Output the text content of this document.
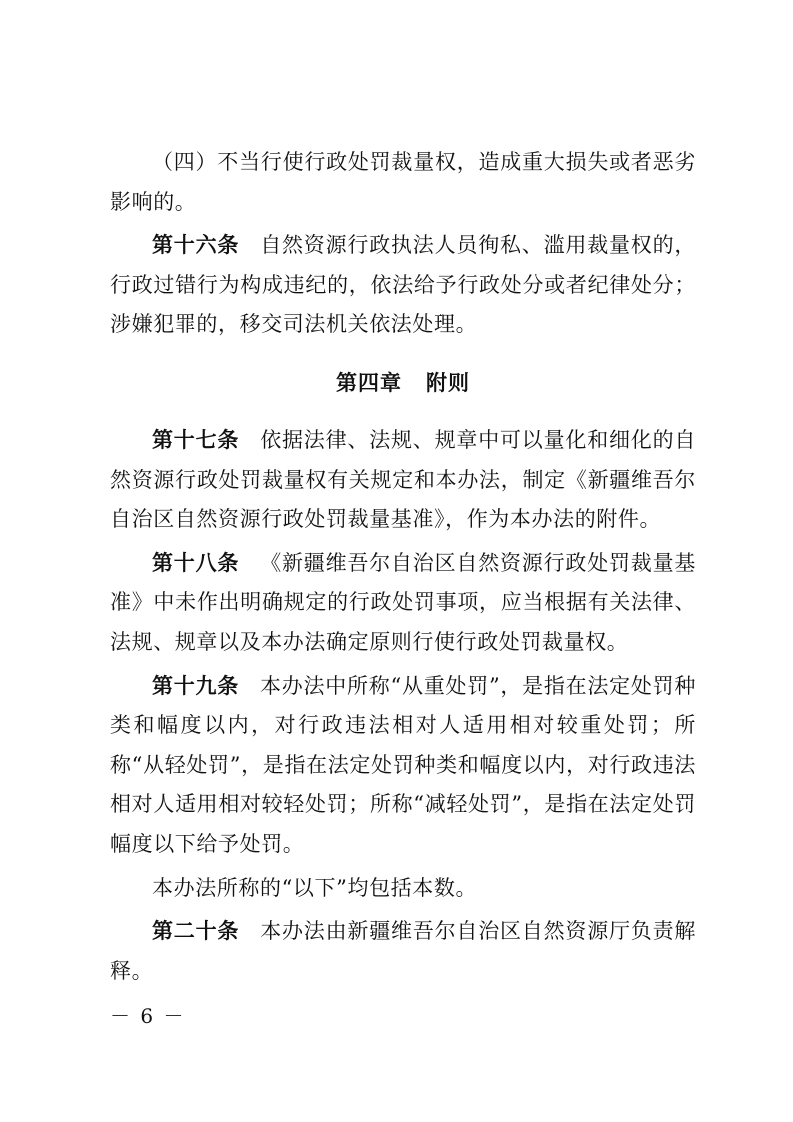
（四）不当行使行政处罚裁量权，造成重大损失或者恶劣影响的。

第十六条 自然资源行政执法人员徇私、滥用裁量权的，行政过错行为构成违纪的，依法给予行政处分或者纪律处分；涉嫌犯罪的，移交司法机关依法处理。

第四章 附则

第十七条 依据法律、法规、规章中可以量化和细化的自然资源行政处罚裁量权有关规定和本办法，制定《新疆维吾尔自治区自然资源行政处罚裁量基准》，作为本办法的附件。

第十八条 《新疆维吾尔自治区自然资源行政处罚裁量基准》中未作出明确规定的行政处罚事项，应当根据有关法律、法规、规章以及本办法确定原则行使行政处罚裁量权。

第十九条 本办法中所称“从重处罚”，是指在法定处罚种类和幅度以内，对行政违法相对人适用相对较重处罚；所称“从轻处罚”，是指在法定处罚种类和幅度以内，对行政违法相对人适用相对较轻处罚；所称“减轻处罚”，是指在法定处罚幅度以下给予处罚。

本办法所称的“以下”均包括本数。

第二十条 本办法由新疆维吾尔自治区自然资源厅负责解释。

－ 6 －
